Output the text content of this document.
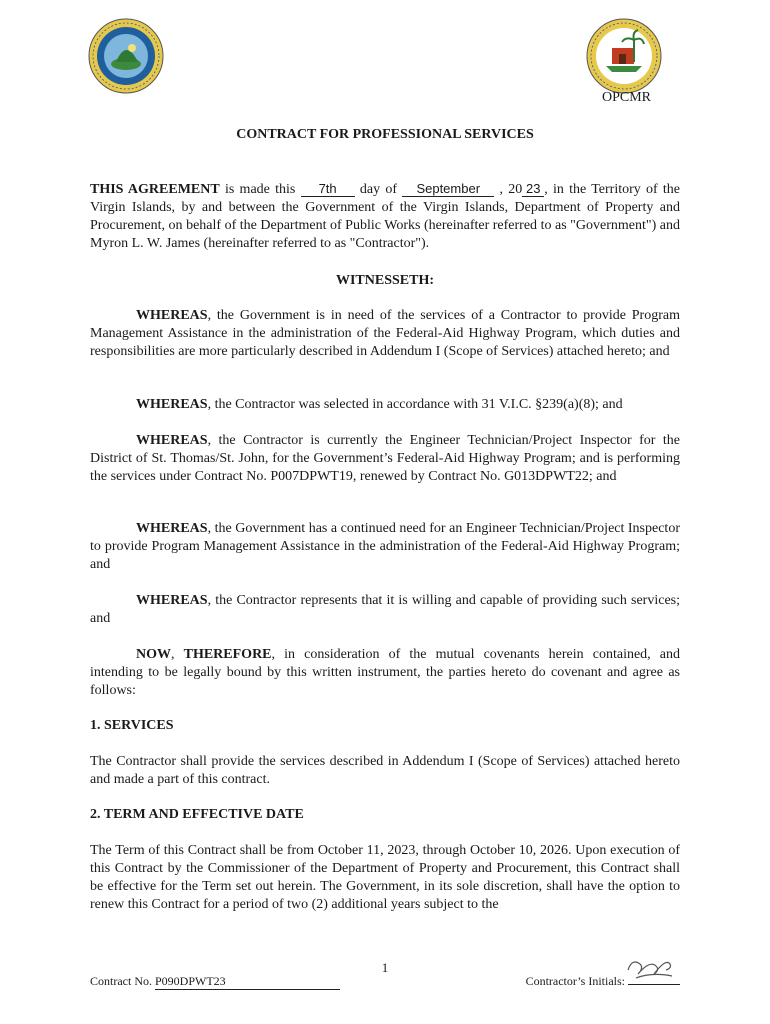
OPCMR
CONTRACT FOR PROFESSIONAL SERVICES

THIS AGREEMENT is made this 7th day of September , 20 23 , in the Territory of the Virgin Islands, by and between the Government of the Virgin Islands, Department of Property and Procurement, on behalf of the Department of Public Works (hereinafter referred to as "Government") and Myron L. W. James (hereinafter referred to as "Contractor").

WITNESSETH:

WHEREAS, the Government is in need of the services of a Contractor to provide Program Management Assistance in the administration of the Federal-Aid Highway Program, which duties and responsibilities are more particularly described in Addendum I (Scope of Services) attached hereto; and

WHEREAS, the Contractor was selected in accordance with 31 V.I.C. §239(a)(8); and

WHEREAS, the Contractor is currently the Engineer Technician/Project Inspector for the District of St. Thomas/St. John, for the Government’s Federal-Aid Highway Program; and is performing the services under Contract No. P007DPWT19, renewed by Contract No. G013DPWT22; and

WHEREAS, the Government has a continued need for an Engineer Technician/Project Inspector to provide Program Management Assistance in the administration of the Federal-Aid Highway Program; and

WHEREAS, the Contractor represents that it is willing and capable of providing such services; and

NOW, THEREFORE, in consideration of the mutual covenants herein contained, and intending to be legally bound by this written instrument, the parties hereto do covenant and agree as follows:

1. SERVICES
The Contractor shall provide the services described in Addendum I (Scope of Services) attached hereto and made a part of this contract.
2. TERM AND EFFECTIVE DATE
The Term of this Contract shall be from October 11, 2023, through October 10, 2026. Upon execution of this Contract by the Commissioner of the Department of Property and Procurement, this Contract shall be effective for the Term set out herein. The Government, in its sole discretion, shall have the option to renew this Contract for a period of two (2) additional years subject to the
1
Contract No. P090DPWT23	Contractor’s Initials:
